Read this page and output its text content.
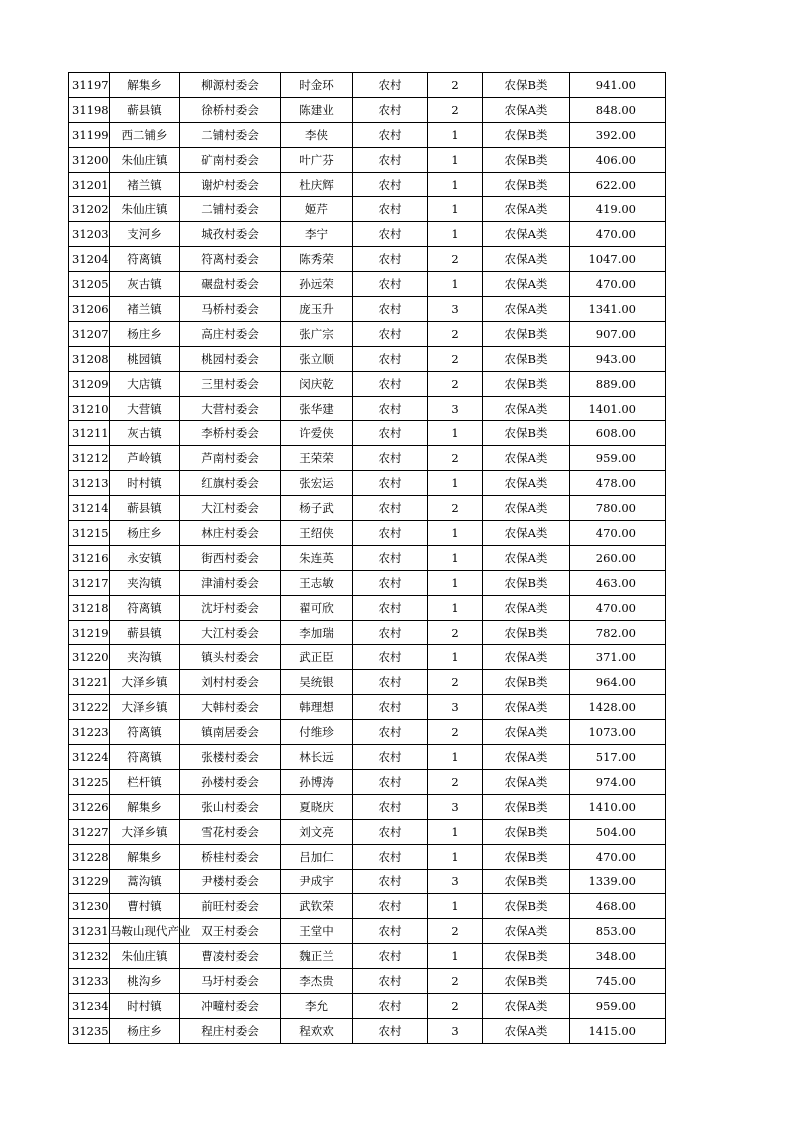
31197	解集乡	柳源村委会	时金环	农村	2	农保B类	941.00
31198	蕲县镇	徐桥村委会	陈建业	农村	2	农保A类	848.00
31199	西二铺乡	二铺村委会	李侠	农村	1	农保B类	392.00
31200	朱仙庄镇	矿南村委会	叶广芬	农村	1	农保B类	406.00
31201	褚兰镇	谢炉村委会	杜庆辉	农村	1	农保B类	622.00
31202	朱仙庄镇	二铺村委会	姬芹	农村	1	农保A类	419.00
31203	支河乡	城孜村委会	李宁	农村	1	农保A类	470.00
31204	符离镇	符离村委会	陈秀荣	农村	2	农保A类	1047.00
31205	灰古镇	碾盘村委会	孙远荣	农村	1	农保A类	470.00
31206	褚兰镇	马桥村委会	庞玉升	农村	3	农保A类	1341.00
31207	杨庄乡	高庄村委会	张广宗	农村	2	农保B类	907.00
31208	桃园镇	桃园村委会	张立顺	农村	2	农保B类	943.00
31209	大店镇	三里村委会	闵庆乾	农村	2	农保B类	889.00
31210	大营镇	大营村委会	张华建	农村	3	农保A类	1401.00
31211	灰古镇	李桥村委会	许爱侠	农村	1	农保B类	608.00
31212	芦岭镇	芦南村委会	王荣荣	农村	2	农保A类	959.00
31213	时村镇	红旗村委会	张宏运	农村	1	农保A类	478.00
31214	蕲县镇	大江村委会	杨子武	农村	2	农保A类	780.00
31215	杨庄乡	林庄村委会	王绍侠	农村	1	农保A类	470.00
31216	永安镇	街西村委会	朱连英	农村	1	农保A类	260.00
31217	夹沟镇	津浦村委会	王志敏	农村	1	农保B类	463.00
31218	符离镇	沈圩村委会	翟可欣	农村	1	农保A类	470.00
31219	蕲县镇	大江村委会	李加瑞	农村	2	农保B类	782.00
31220	夹沟镇	镇头村委会	武正臣	农村	1	农保A类	371.00
31221	大泽乡镇	刘村村委会	吴统银	农村	2	农保B类	964.00
31222	大泽乡镇	大韩村委会	韩理想	农村	3	农保A类	1428.00
31223	符离镇	镇南居委会	付维珍	农村	2	农保A类	1073.00
31224	符离镇	张楼村委会	林长远	农村	1	农保A类	517.00
31225	栏杆镇	孙楼村委会	孙博涛	农村	2	农保A类	974.00
31226	解集乡	张山村委会	夏晓庆	农村	3	农保B类	1410.00
31227	大泽乡镇	雪花村委会	刘文亮	农村	1	农保B类	504.00
31228	解集乡	桥桂村委会	吕加仁	农村	1	农保B类	470.00
31229	蒿沟镇	尹楼村委会	尹成宇	农村	3	农保B类	1339.00
31230	曹村镇	前旺村委会	武钦荣	农村	1	农保B类	468.00
31231	马鞍山现代产业	双王村委会	王堂中	农村	2	农保A类	853.00
31232	朱仙庄镇	曹凌村委会	魏正兰	农村	1	农保B类	348.00
31233	桃沟乡	马圩村委会	李杰贵	农村	2	农保B类	745.00
31234	时村镇	冲疃村委会	李允	农村	2	农保A类	959.00
31235	杨庄乡	程庄村委会	程欢欢	农村	3	农保A类	1415.00
